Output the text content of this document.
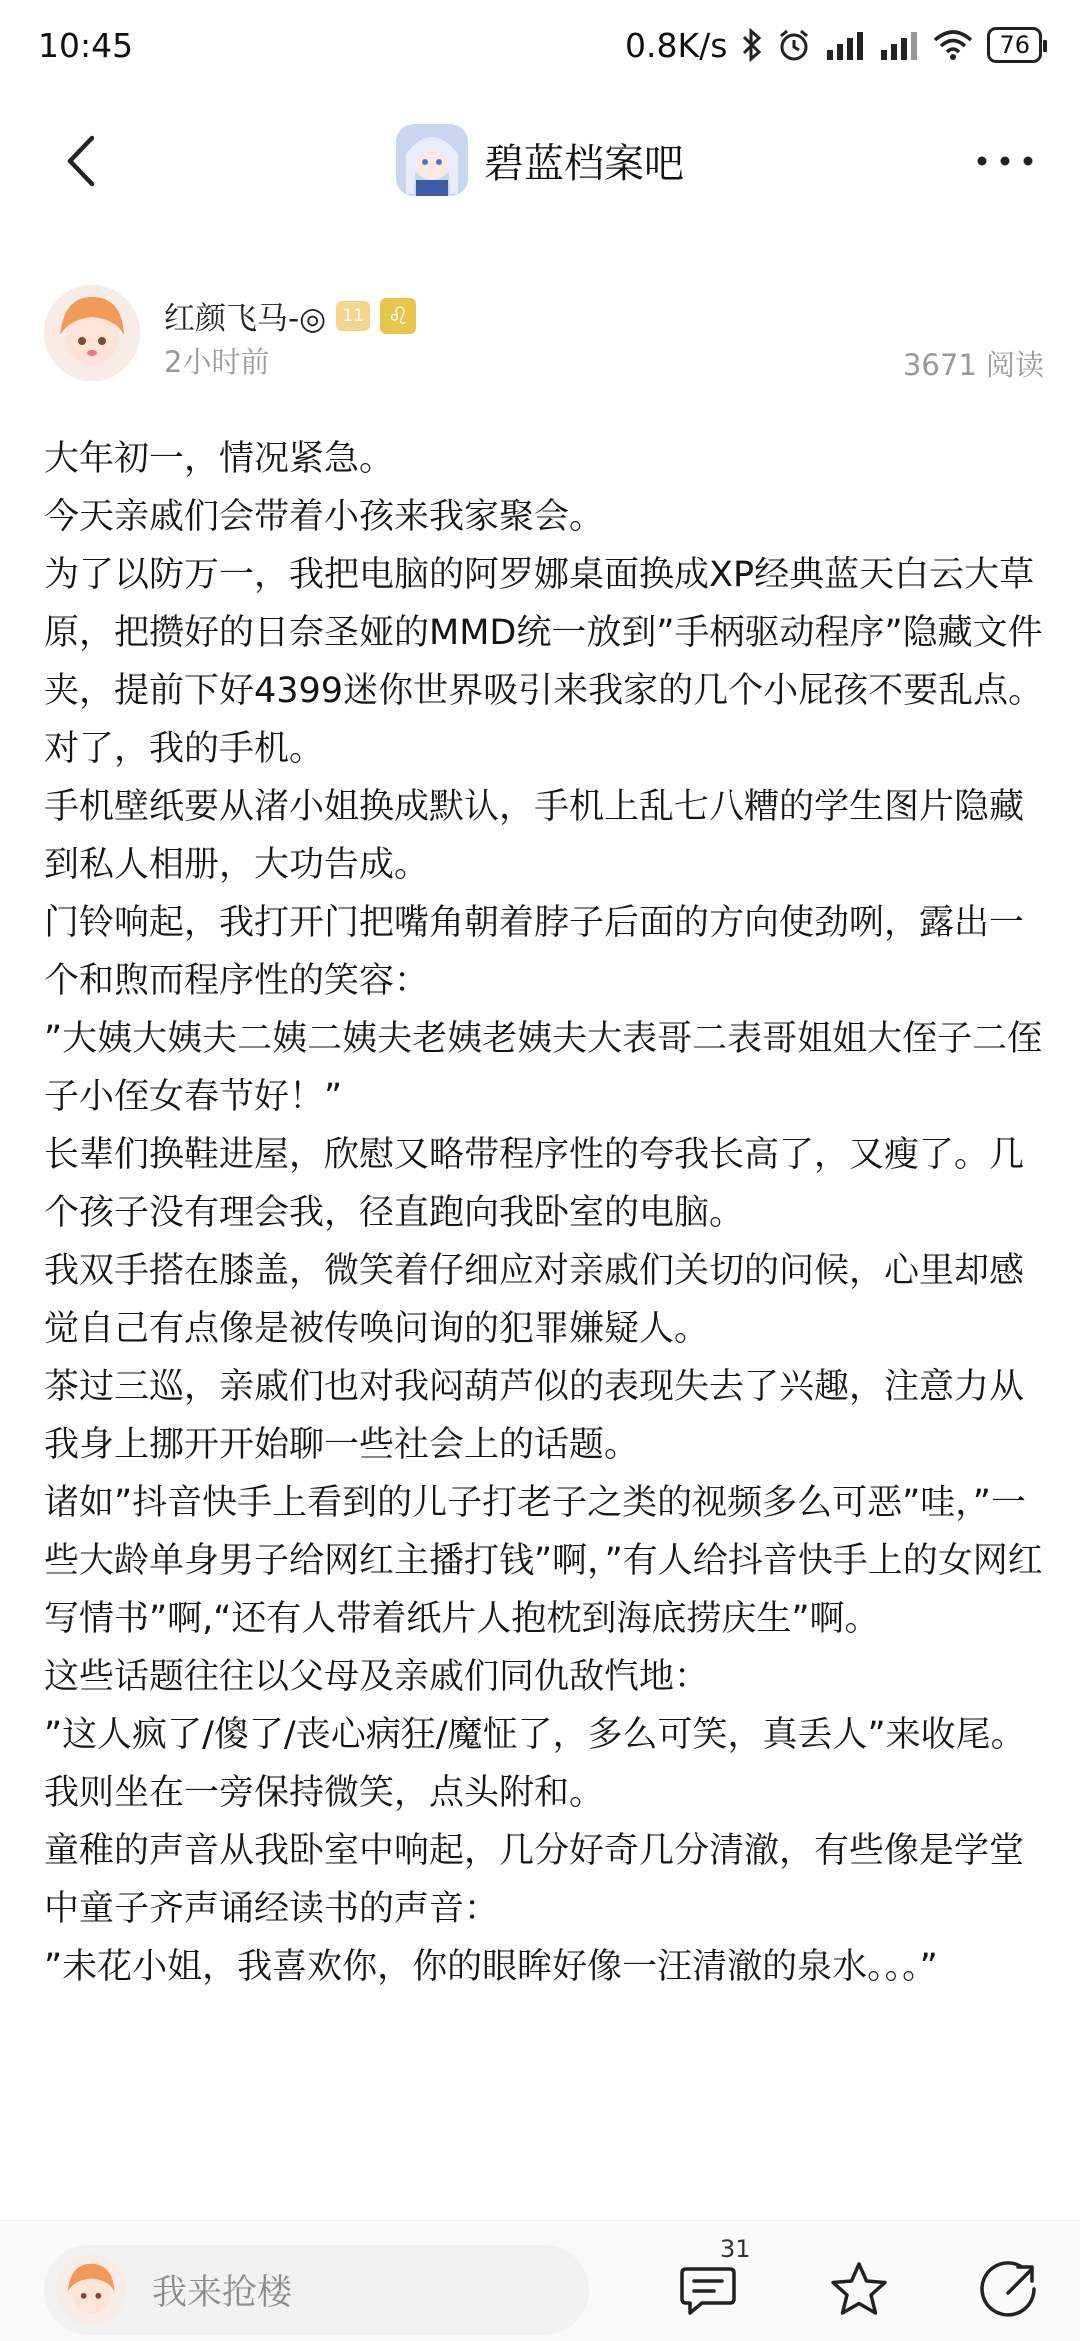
10:45	0.8K/s	76
碧蓝档案吧
红颜飞马-◎ 11 ♌
2小时前	3671 阅读

大年初一，情况紧急。

今天亲戚们会带着小孩来我家聚会。

为了以防万一，我把电脑的阿罗娜桌面换成XP经典蓝天白云大草原，把攒好的日奈圣娅的MMD统一放到”手柄驱动程序”隐藏文件夹，提前下好4399迷你世界吸引来我家的几个小屁孩不要乱点。

对了，我的手机。

手机壁纸要从渚小姐换成默认，手机上乱七八糟的学生图片隐藏到私人相册，大功告成。

门铃响起，我打开门把嘴角朝着脖子后面的方向使劲咧，露出一个和煦而程序性的笑容：

”大姨大姨夫二姨二姨夫老姨老姨夫大表哥二表哥姐姐大侄子二侄子小侄女春节好！”

长辈们换鞋进屋，欣慰又略带程序性的夸我长高了，又瘦了。几个孩子没有理会我，径直跑向我卧室的电脑。

我双手搭在膝盖，微笑着仔细应对亲戚们关切的问候，心里却感觉自己有点像是被传唤问询的犯罪嫌疑人。

茶过三巡，亲戚们也对我闷葫芦似的表现失去了兴趣，注意力从我身上挪开开始聊一些社会上的话题。

诸如”抖音快手上看到的儿子打老子之类的视频多么可恶”哇，”一些大龄单身男子给网红主播打钱”啊，”有人给抖音快手上的女网红写情书”啊,“还有人带着纸片人抱枕到海底捞庆生”啊。

这些话题往往以父母及亲戚们同仇敌忾地：

”这人疯了/傻了/丧心病狂/魔怔了，多么可笑，真丢人”来收尾。

我则坐在一旁保持微笑，点头附和。

童稚的声音从我卧室中响起，几分好奇几分清澈，有些像是学堂中童子齐声诵经读书的声音：

”未花小姐，我喜欢你，你的眼眸好像一汪清澈的泉水。。。”

我来抢楼
31
